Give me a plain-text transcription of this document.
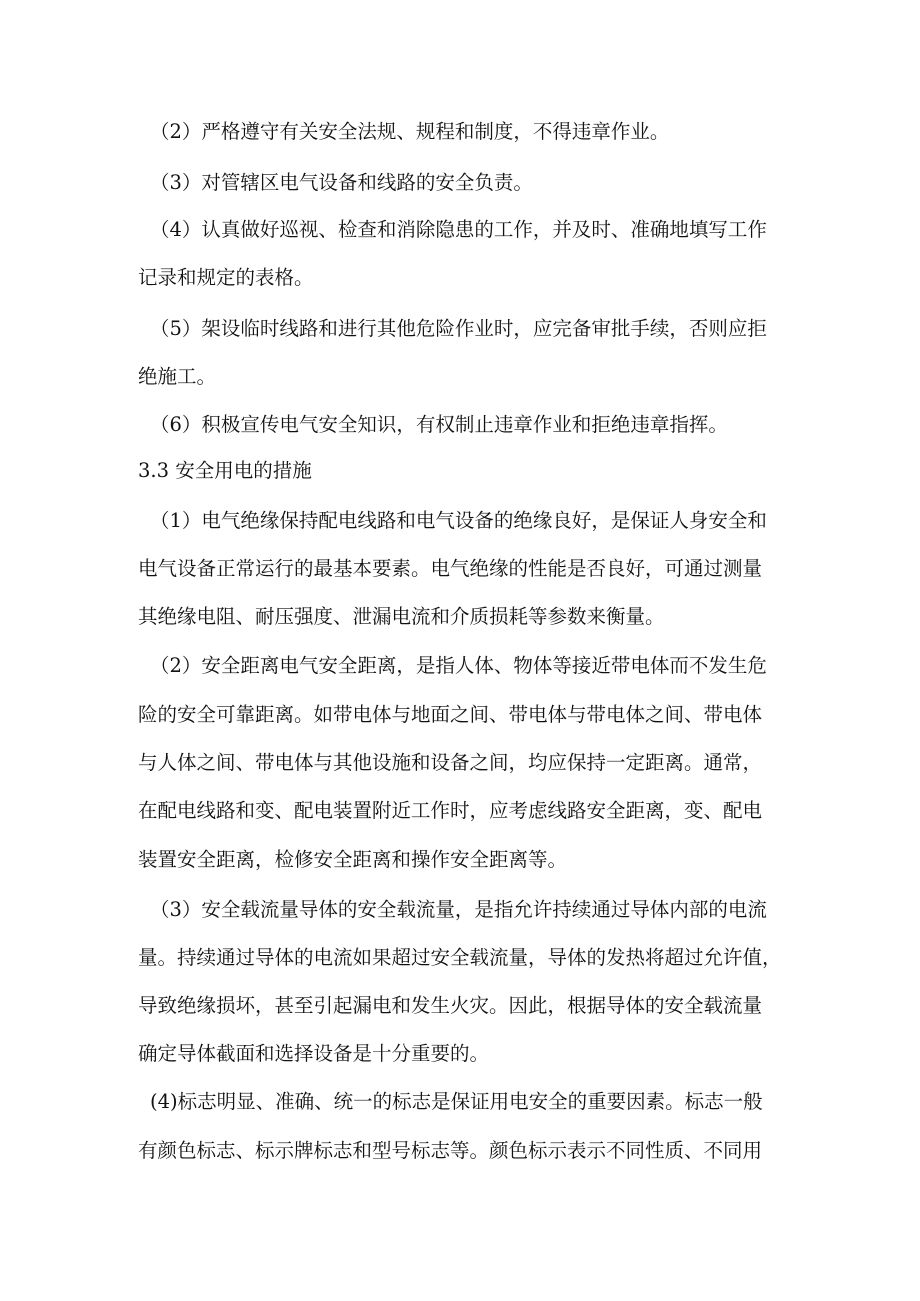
（2）严格遵守有关安全法规、规程和制度，不得违章作业。
（3）对管辖区电气设备和线路的安全负责。
（4）认真做好巡视、检查和消除隐患的工作，并及时、准确地填写工作
记录和规定的表格。
（5）架设临时线路和进行其他危险作业时，应完备审批手续，否则应拒
绝施工。
（6）积极宣传电气安全知识，有权制止违章作业和拒绝违章指挥。
3.3 安全用电的措施
（1）电气绝缘保持配电线路和电气设备的绝缘良好，是保证人身安全和
电气设备正常运行的最基本要素。电气绝缘的性能是否良好，可通过测量
其绝缘电阻、耐压强度、泄漏电流和介质损耗等参数来衡量。
（2）安全距离电气安全距离，是指人体、物体等接近带电体而不发生危
险的安全可靠距离。如带电体与地面之间、带电体与带电体之间、带电体
与人体之间、带电体与其他设施和设备之间，均应保持一定距离。通常，
在配电线路和变、配电装置附近工作时，应考虑线路安全距离，变、配电
装置安全距离，检修安全距离和操作安全距离等。
（3）安全载流量导体的安全载流量，是指允许持续通过导体内部的电流
量。持续通过导体的电流如果超过安全载流量，导体的发热将超过允许值，
导致绝缘损坏，甚至引起漏电和发生火灾。因此，根据导体的安全载流量
确定导体截面和选择设备是十分重要的。
(4)标志明显、准确、统一的标志是保证用电安全的重要因素。标志一般
有颜色标志、标示牌标志和型号标志等。颜色标示表示不同性质、不同用
